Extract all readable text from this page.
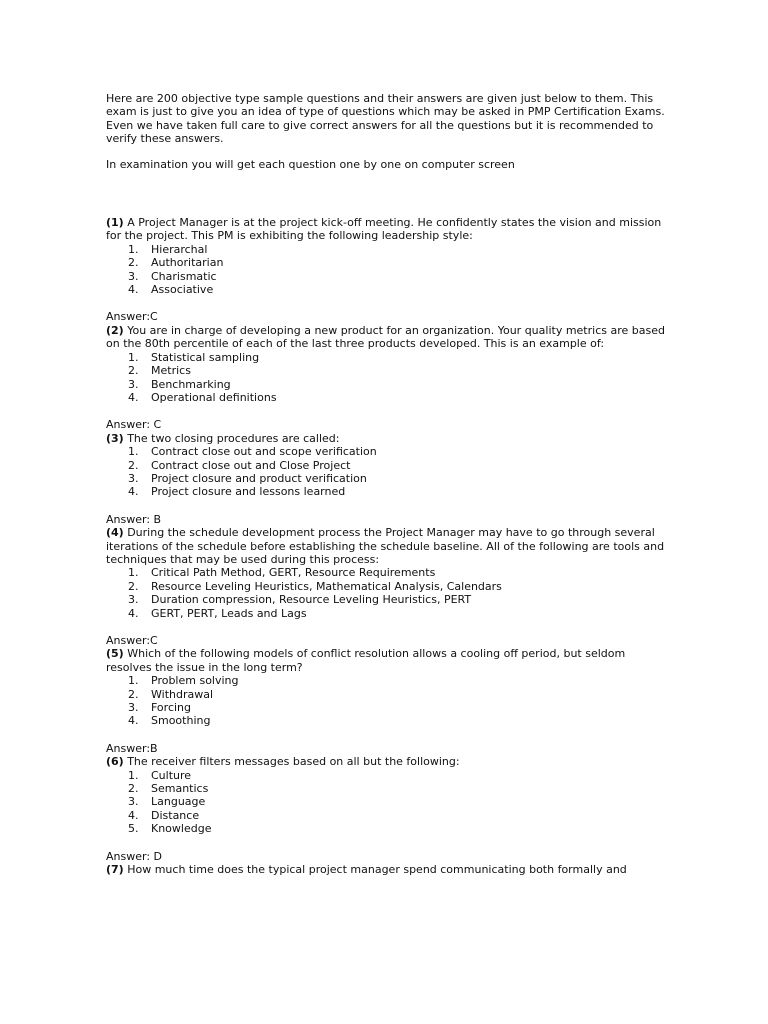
Here are 200 objective type sample questions and their answers are given just below to them. This exam is just to give you an idea of type of questions which may be asked in PMP Certification Exams. Even we have taken full care to give correct answers for all the questions but it is recommended to verify these answers.

In examination you will get each question one by one on computer screen

(1) A Project Manager is at the project kick-off meeting. He confidently states the vision and mission for the project. This PM is exhibiting the following leadership style:

1.	Hierarchal
2.	Authoritarian
3.	Charismatic
4.	Associative

Answer:C

(2) You are in charge of developing a new product for an organization. Your quality metrics are based on the 80th percentile of each of the last three products developed. This is an example of:

1.	Statistical sampling
2.	Metrics
3.	Benchmarking
4.	Operational definitions

Answer: C

(3) The two closing procedures are called:

1.	Contract close out and scope verification
2.	Contract close out and Close Project
3.	Project closure and product verification
4.	Project closure and lessons learned

Answer: B

(4) During the schedule development process the Project Manager may have to go through several iterations of the schedule before establishing the schedule baseline. All of the following are tools and techniques that may be used during this process:

1.	Critical Path Method, GERT, Resource Requirements
2.	Resource Leveling Heuristics, Mathematical Analysis, Calendars
3.	Duration compression, Resource Leveling Heuristics, PERT
4.	GERT, PERT, Leads and Lags

Answer:C

(5) Which of the following models of conflict resolution allows a cooling off period, but seldom resolves the issue in the long term?

1.	Problem solving
2.	Withdrawal
3.	Forcing
4.	Smoothing

Answer:B

(6) The receiver filters messages based on all but the following:

1.	Culture
2.	Semantics
3.	Language
4.	Distance
5.	Knowledge

Answer: D

(7) How much time does the typical project manager spend communicating both formally and
